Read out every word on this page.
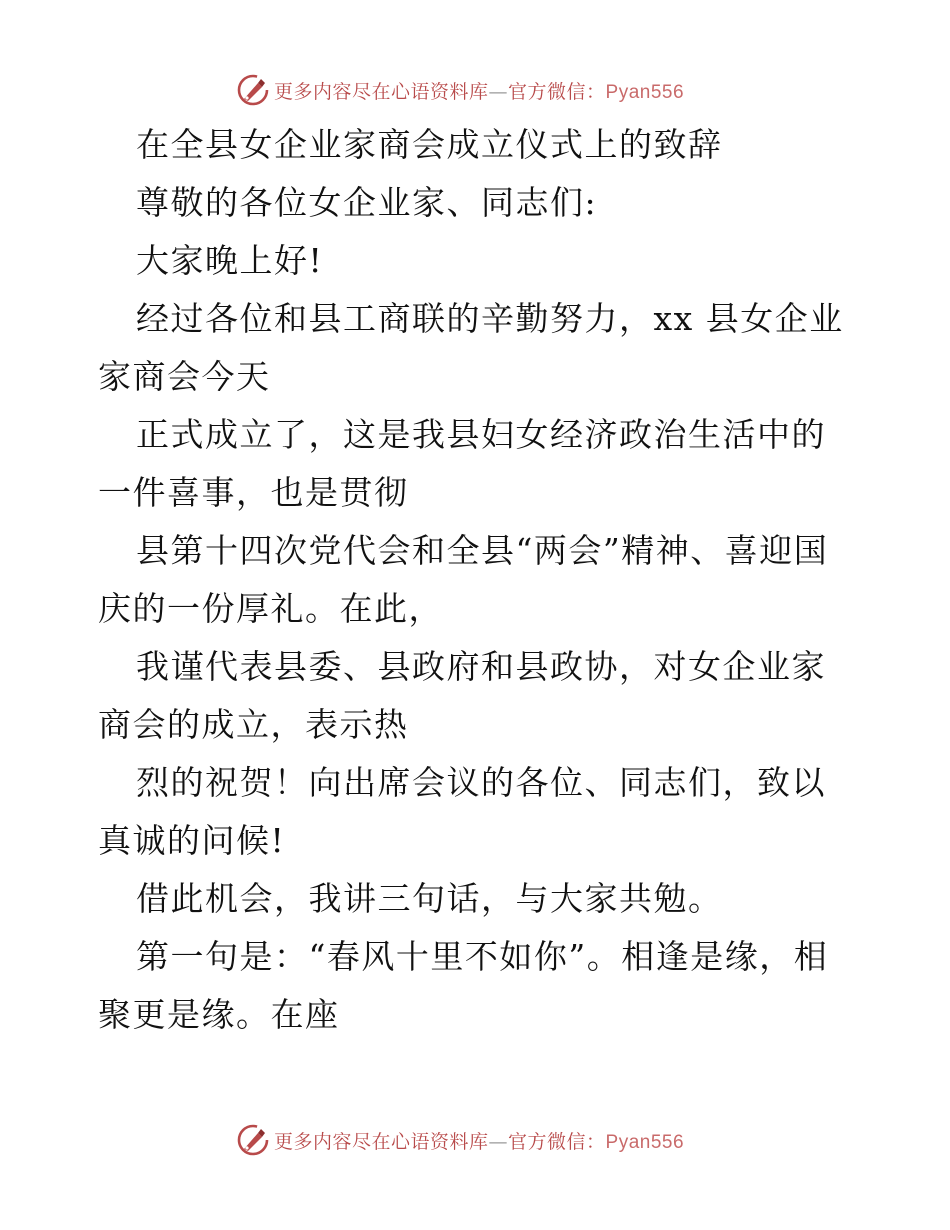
更多内容尽在心语资料库—官方微信：Pyan556

在全县女企业家商会成立仪式上的致辞

尊敬的各位女企业家、同志们:

大家晚上好!

经过各位和县工商联的辛勤努力，xx 县女企业家商会今天

正式成立了，这是我县妇女经济政治生活中的一件喜事，也是贯彻

县第十四次党代会和全县“两会”精神、喜迎国庆的一份厚礼。在此，

我谨代表县委、县政府和县政协，对女企业家商会的成立，表示热

烈的祝贺！向出席会议的各位、同志们，致以真诚的问候!

借此机会，我讲三句话，与大家共勉。

第一句是：“春风十里不如你”。相逢是缘，相聚更是缘。在座

更多内容尽在心语资料库—官方微信：Pyan556
